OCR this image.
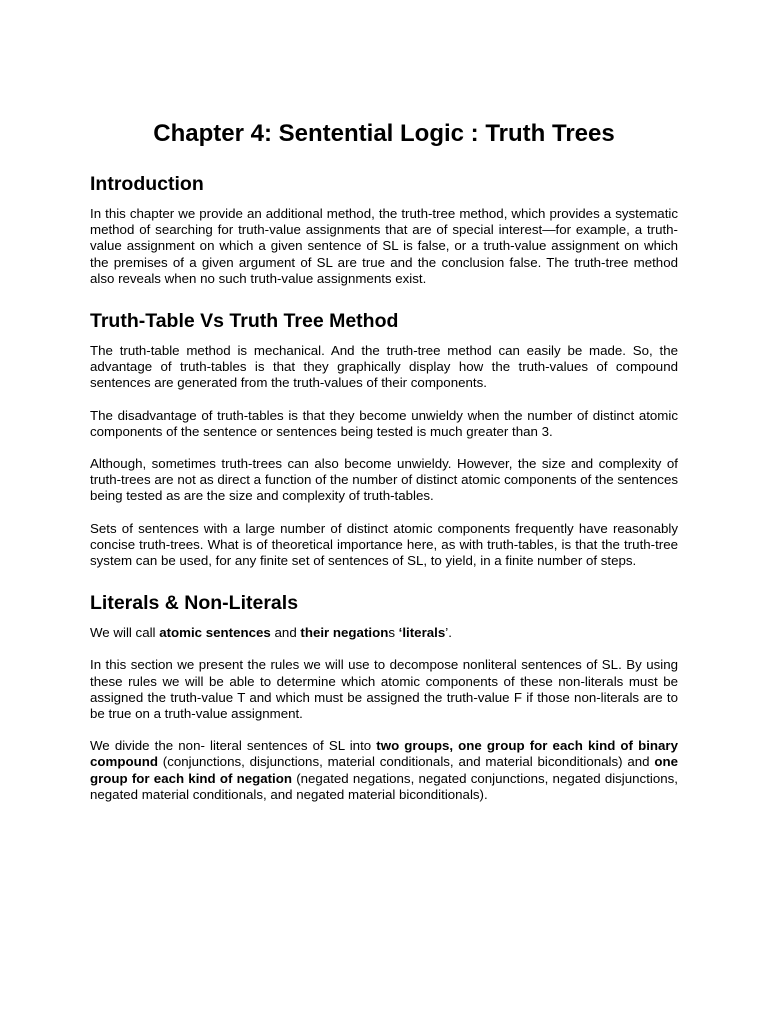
Chapter 4: Sentential Logic : Truth Trees
Introduction

In this chapter we provide an additional method, the truth-tree method, which provides a systematic method of searching for truth-value assignments that are of special interest—for example, a truth-value assignment on which a given sentence of SL is false, or a truth-value assignment on which the premises of a given argument of SL are true and the conclusion false. The truth-tree method also reveals when no such truth-value assignments exist.

Truth-Table Vs Truth Tree Method

The truth-table method is mechanical. And the truth-tree method can easily be made. So, the advantage of truth-tables is that they graphically display how the truth-values of compound sentences are generated from the truth-values of their components.

The disadvantage of truth-tables is that they become unwieldy when the number of distinct atomic components of the sentence or sentences being tested is much greater than 3.

Although, sometimes truth-trees can also become unwieldy. However, the size and complexity of truth-trees are not as direct a function of the number of distinct atomic components of the sentences being tested as are the size and complexity of truth-tables.

Sets of sentences with a large number of distinct atomic components frequently have reasonably concise truth-trees. What is of theoretical importance here, as with truth-tables, is that the truth-tree system can be used, for any finite set of sentences of SL, to yield, in a finite number of steps.

Literals & Non-Literals

We will call atomic sentences and their negations ‘literals’.

In this section we present the rules we will use to decompose nonliteral sentences of SL. By using these rules we will be able to determine which atomic components of these non-literals must be assigned the truth-value T and which must be assigned the truth-value F if those non-literals are to be true on a truth-value assignment.

We divide the non- literal sentences of SL into two groups, one group for each kind of binary compound (conjunctions, disjunctions, material conditionals, and material biconditionals) and one group for each kind of negation (negated negations, negated conjunctions, negated disjunctions, negated material conditionals, and negated material biconditionals).
